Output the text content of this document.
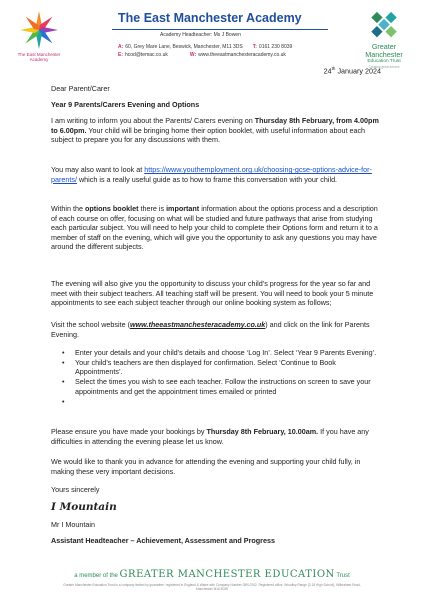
The East Manchester Academy
The East Manchester Academy
Academy Headteacher: Ms J Bowen
A: 60, Grey Mare Lane, Beswick, Manchester, M11 3DS T: 0161 230 8039
E: hcod@temac.co.uk	W: www.theeastmanchesteracademy.co.uk
Greater
Manchester
Education Trust
Creating great futures
24th January 2024
Dear Parent/Carer
Year 9 Parents/Carers Evening and Options

I am writing to inform you about the Parents/ Carers evening on Thursday 8th February, from 4.00pm to 6.00pm. Your child will be bringing home their option booklet, with useful information about each subject to prepare you for any discussions with them.

You may also want to look at https://www.youthemployment.org.uk/choosing-gcse-options-advice-for-parents/ which is a really useful guide as to how to frame this conversation with your child.

Within the options booklet there is important information about the options process and a description of each course on offer, focusing on what will be studied and future pathways that arise from studying each particular subject. You will need to help your child to complete their Options form and return it to a member of staff on the evening, which will give you the opportunity to ask any questions you may have around the different subjects.

The evening will also give you the opportunity to discuss your child’s progress for the year so far and meet with their subject teachers. All teaching staff will be present. You will need to book your 5 minute appointments to see each subject teacher through our online booking system as follows;

Visit the school website (www.theeastmanchesteracademy.co.uk) and click on the link for Parents Evening.

• Enter your details and your child’s details and choose ‘Log In’. Select ‘Year 9 Parents Evening’.
• Your child’s teachers are then displayed for confirmation. Select ‘Continue to Book Appointments’.
• Select the times you wish to see each teacher. Follow the instructions on screen to save your appointments and get the appointment times emailed or printed
•

Please ensure you have made your bookings by Thursday 8th February, 10.00am. If you have any difficulties in attending the evening please let us know.

We would like to thank you in advance for attending the evening and supporting your child fully, in making these very important decisions.
Yours sincerely
I Mountain
Mr I Mountain
Assistant Headteacher – Achievement, Assessment and Progress
a member of the GREATER MANCHESTER EDUCATION Trust
Greater Manchester Education Trust is a company limited by guarantee, registered in England & Wales with Company Number 08913762. Registered office: Woodley Range (3-18 High School), Wilbraham Road, Manchester M16 8GW
